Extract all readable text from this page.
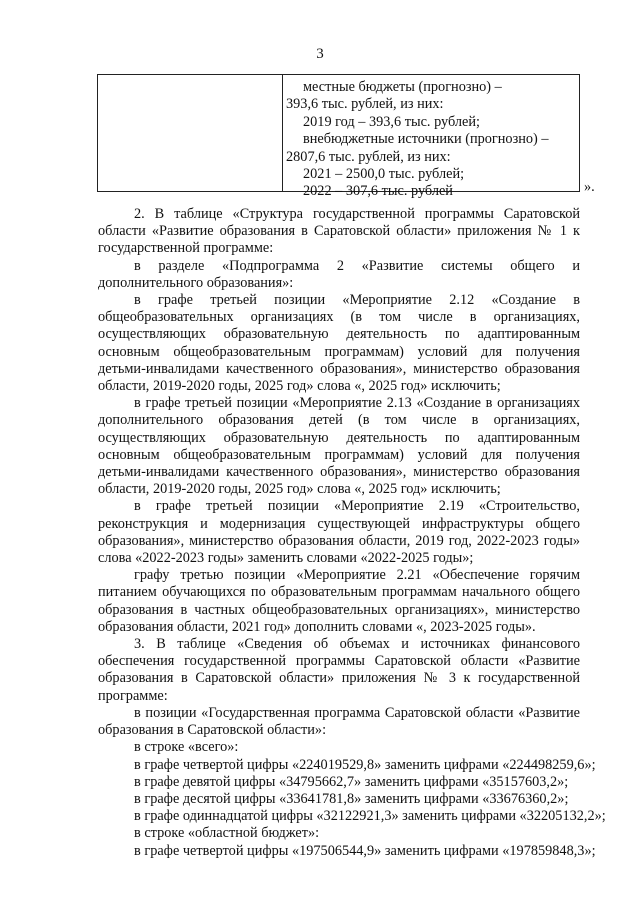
3
местные бюджеты (прогнозно) –
393,6 тыс. рублей, из них:
2019 год – 393,6 тыс. рублей;
внебюджетные источники (прогнозно) –
2807,6 тыс. рублей, из них:
2021 – 2500,0 тыс. рублей;
2022 – 307,6 тыс. рублей	».

2. В таблице «Структура государственной программы Саратовской области «Развитие образования в Саратовской области» приложения № 1 к государственной программе:

в разделе «Подпрограмма 2 «Развитие системы общего и дополнительного образования»:

в графе третьей позиции «Мероприятие 2.12 «Создание в общеобразовательных организациях (в том числе в организациях, осуществляющих образовательную деятельность по адаптированным основным общеобразовательным программам) условий для получения детьми-инвалидами качественного образования», министерство образования области, 2019-2020 годы, 2025 год» слова «, 2025 год» исключить;

в графе третьей позиции «Мероприятие 2.13 «Создание в организациях дополнительного образования детей (в том числе в организациях, осуществляющих образовательную деятельность по адаптированным основным общеобразовательным программам) условий для получения детьми-инвалидами качественного образования», министерство образования области, 2019-2020 годы, 2025 год» слова «, 2025 год» исключить;

в графе третьей позиции «Мероприятие 2.19 «Строительство, реконструкция и модернизация существующей инфраструктуры общего образования», министерство образования области, 2019 год, 2022-2023 годы» слова «2022-2023 годы» заменить словами «2022-2025 годы»;

графу третью позиции «Мероприятие 2.21 «Обеспечение горячим питанием обучающихся по образовательным программам начального общего образования в частных общеобразовательных организациях», министерство образования области, 2021 год» дополнить словами «, 2023-2025 годы».

3. В таблице «Сведения об объемах и источниках финансового обеспечения государственной программы Саратовской области «Развитие образования в Саратовской области» приложения № 3 к государственной программе:

в позиции «Государственная программа Саратовской области «Развитие образования в Саратовской области»:

в строке «всего»:

в графе четвертой цифры «224019529,8» заменить цифрами «224498259,6»;

в графе девятой цифры «34795662,7» заменить цифрами «35157603,2»;

в графе десятой цифры «33641781,8» заменить цифрами «33676360,2»;

в графе одиннадцатой цифры «32122921,3» заменить цифрами «32205132,2»;

в строке «областной бюджет»:

в графе четвертой цифры «197506544,9» заменить цифрами «197859848,3»;
